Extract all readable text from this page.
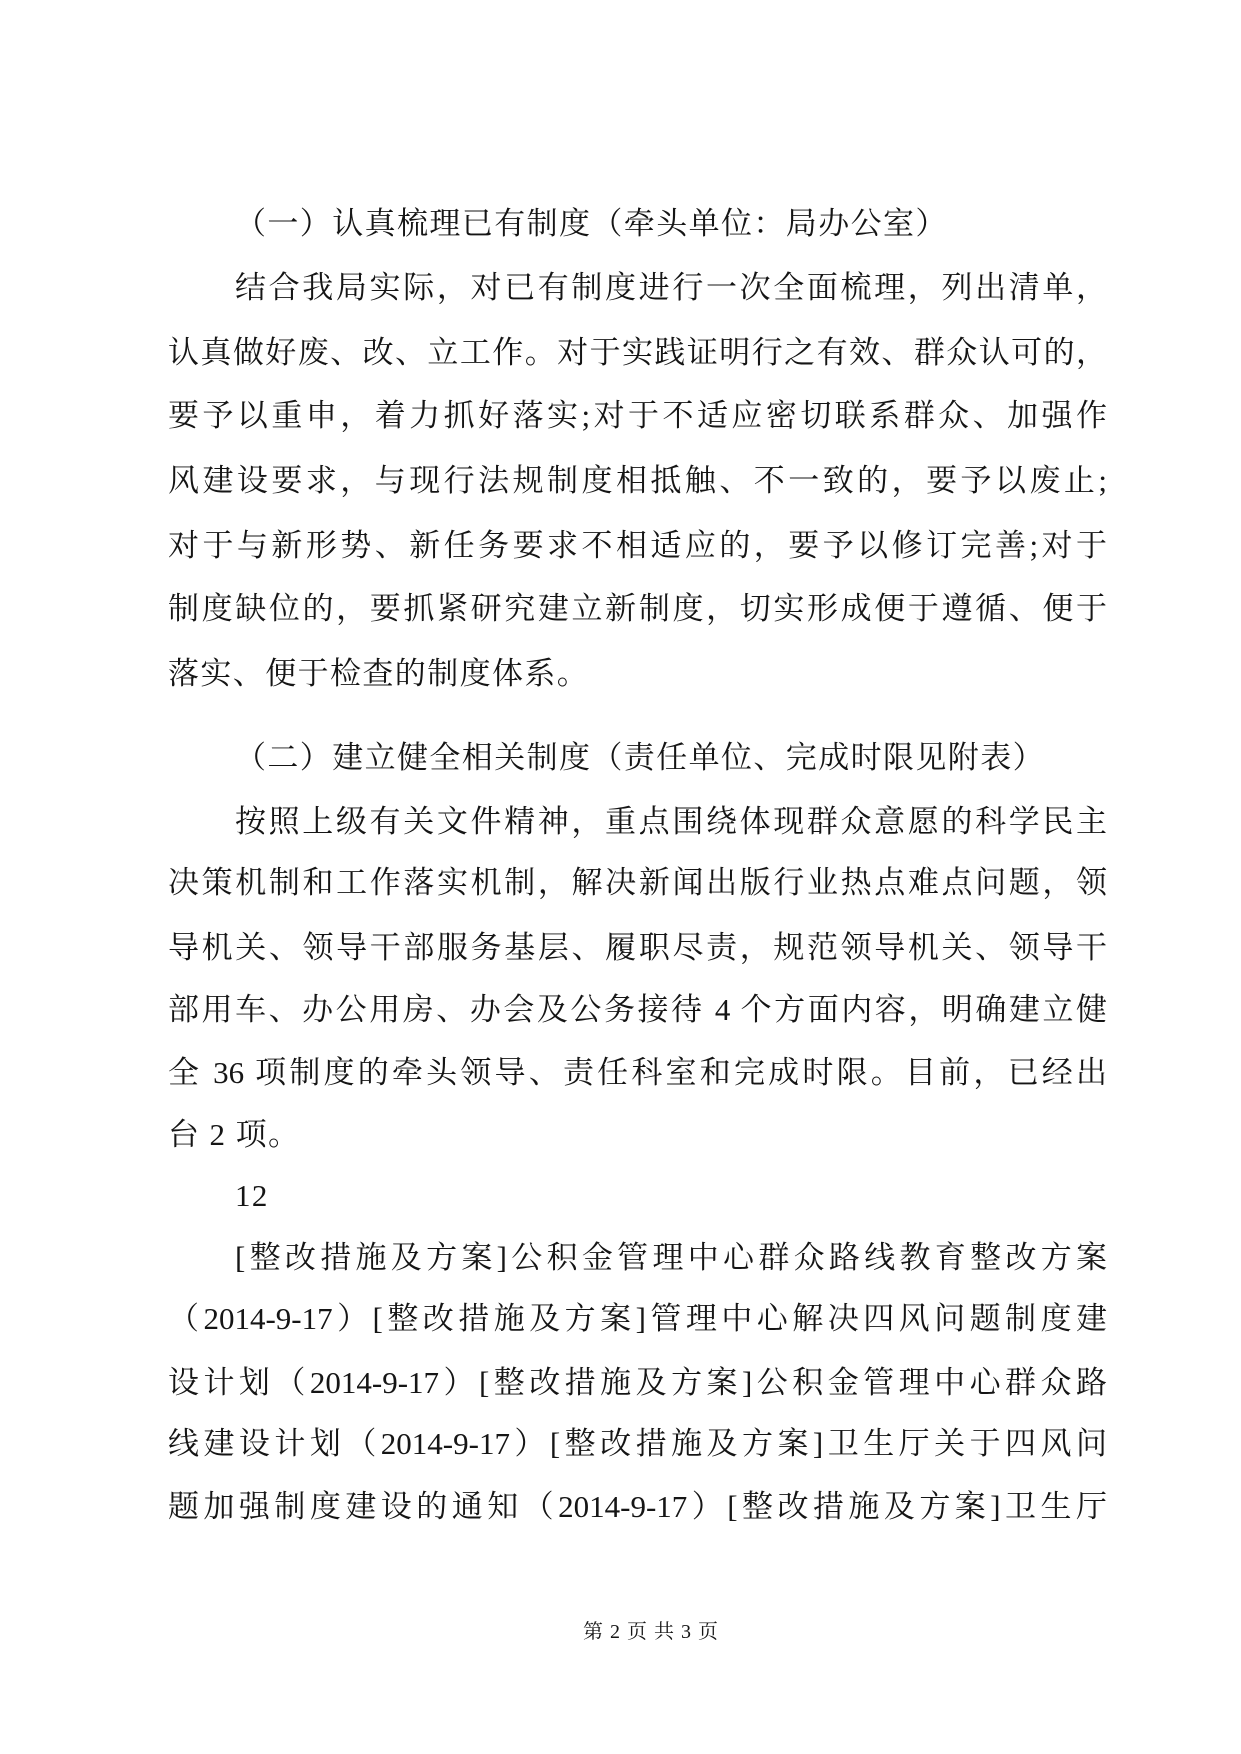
（一）认真梳理已有制度（牵头单位：局办公室）
结合我局实际，对已有制度进行一次全面梳理，列出清单，
认真做好废、改、立工作。对于实践证明行之有效、群众认可的，
要予以重申，着力抓好落实;对于不适应密切联系群众、加强作
风建设要求，与现行法规制度相抵触、不一致的，要予以废止;
对于与新形势、新任务要求不相适应的，要予以修订完善;对于
制度缺位的，要抓紧研究建立新制度，切实形成便于遵循、便于
落实、便于检查的制度体系。
（二）建立健全相关制度（责任单位、完成时限见附表）
按照上级有关文件精神，重点围绕体现群众意愿的科学民主
决策机制和工作落实机制，解决新闻出版行业热点难点问题，领
导机关、领导干部服务基层、履职尽责，规范领导机关、领导干
部用车、办公用房、办会及公务接待 4 个方面内容，明确建立健
全 36 项制度的牵头领导、责任科室和完成时限。目前，已经出
台 2 项。
12
[整改措施及方案]公积金管理中心群众路线教育整改方案
（2014-9-17）[整改措施及方案]管理中心解决四风问题制度建
设计划（2014-9-17）[整改措施及方案]公积金管理中心群众路
线建设计划（2014-9-17）[整改措施及方案]卫生厅关于四风问
题加强制度建设的通知（2014-9-17）[整改措施及方案]卫生厅
第 2 页 共 3 页
